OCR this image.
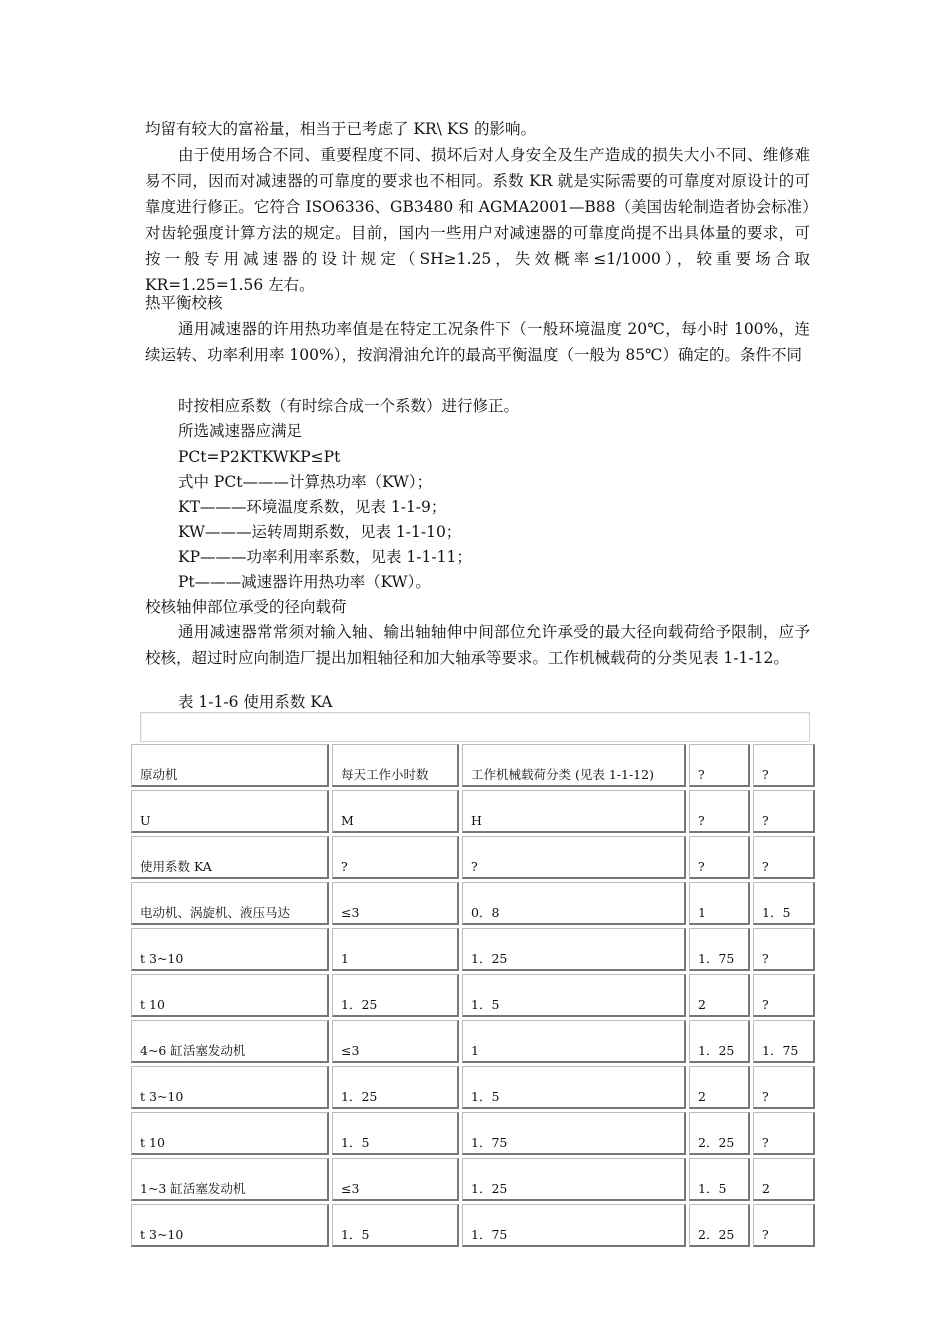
均留有较大的富裕量，相当于已考虑了 KR\ KS 的影响。

由于使用场合不同、重要程度不同、损坏后对人身安全及生产造成的损失大小不同、维修难易不同，因而对减速器的可靠度的要求也不相同。系数 KR 就是实际需要的可靠度对原设计的可靠度进行修正。它符合 ISO6336、GB3480 和 AGMA2001—B88（美国齿轮制造者协会标准）对齿轮强度计算方法的规定。目前，国内一些用户对减速器的可靠度尚提不出具体量的要求，可按一般专用减速器的设计规定（SH≥1.25，失效概率≤1/1000），较重要场合取 KR=1.25=1.56 左右。

热平衡校核

通用减速器的许用热功率值是在特定工况条件下（一般环境温度 20℃，每小时 100%，连续运转、功率利用率 100%），按润滑油允许的最高平衡温度（一般为 85℃）确定的。条件不同

时按相应系数（有时综合成一个系数）进行修正。
所选减速器应满足
PCt=P2KTKWKP≤Pt
式中 PCt———计算热功率（KW）；
KT———环境温度系数，见表 1-1-9；
KW———运转周期系数，见表 1-1-10；
KP———功率利用率系数，见表 1-1-11；
Pt———减速器许用热功率（KW）。
校核轴伸部位承受的径向载荷

通用减速器常常须对输入轴、输出轴轴伸中间部位允许承受的最大径向载荷给予限制，应予校核，超过时应向制造厂提出加粗轴径和加大轴承等要求。工作机械载荷的分类见表 1-1-12。

表 1-1-6 使用系数 KA
原动机	每天工作小时数	工作机械载荷分类 (见表 1-1-12)	?	?
U	M	H	?	?
使用系数 KA	?	?	?	?
电动机、涡旋机、液压马达	≤3	0．8	1	1．5
t 3~10	1	1．25	1．75	?
t 10	1．25	1．5	2	?
4~6 缸活塞发动机	≤3	1	1．25	1．75
t 3~10	1．25	1．5	2	?
t 10	1．5	1．75	2．25	?
1~3 缸活塞发动机	≤3	1．25	1．5	2
t 3~10	1．5	1．75	2．25	?
